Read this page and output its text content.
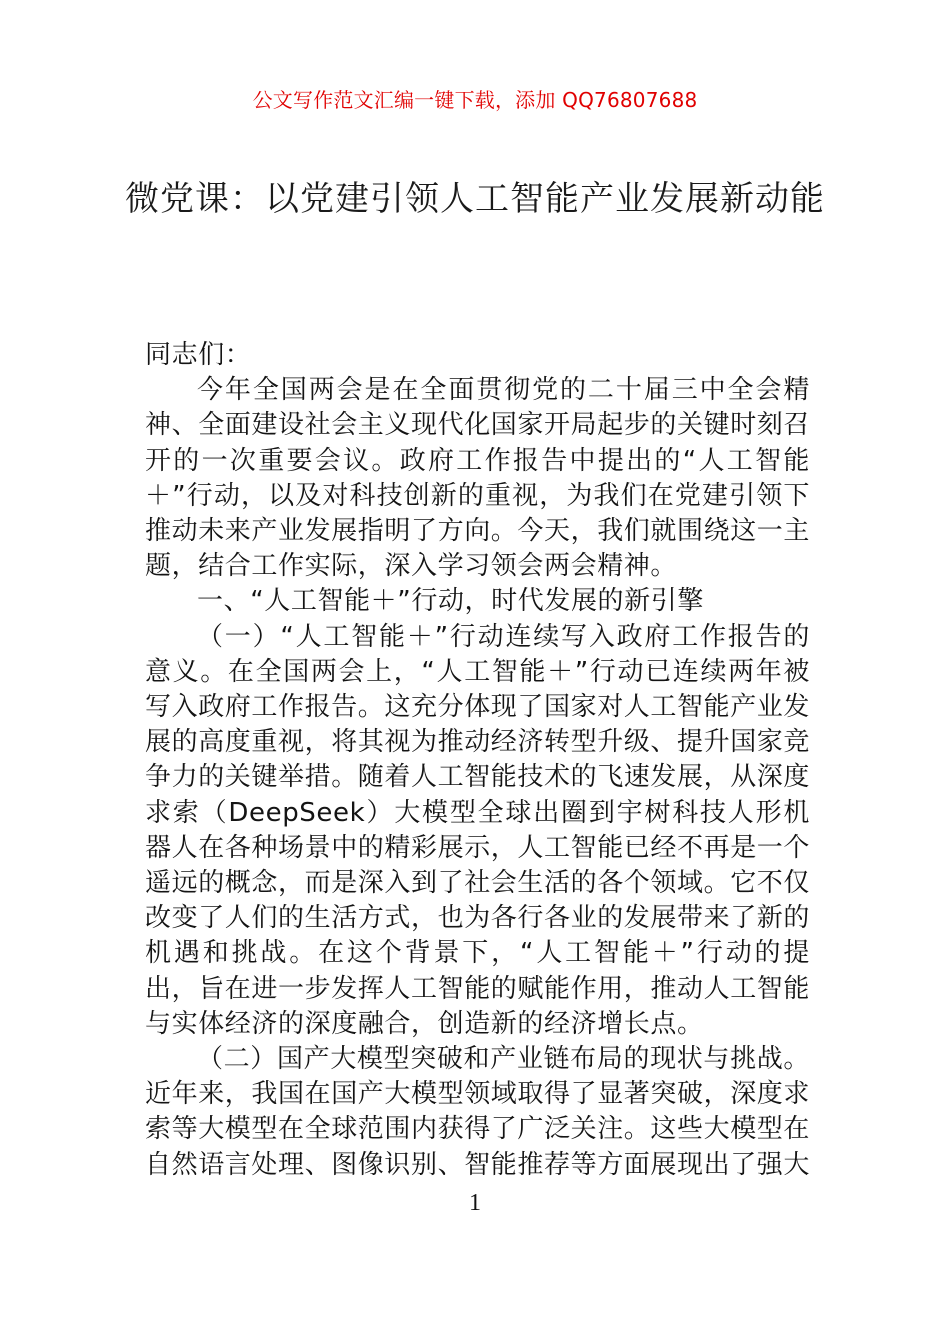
公文写作范文汇编一键下载，添加 QQ76807688
微党课：以党建引领人工智能产业发展新动能

同志们：

今年全国两会是在全面贯彻党的二十届三中全会精神、全面建设社会主义现代化国家开局起步的关键时刻召开的一次重要会议。政府工作报告中提出的“人工智能＋”行动，以及对科技创新的重视，为我们在党建引领下推动未来产业发展指明了方向。今天，我们就围绕这一主题，结合工作实际，深入学习领会两会精神。

一、“人工智能＋”行动，时代发展的新引擎

（一）“人工智能＋”行动连续写入政府工作报告的意义。在全国两会上，“人工智能＋”行动已连续两年被写入政府工作报告。这充分体现了国家对人工智能产业发展的高度重视，将其视为推动经济转型升级、提升国家竞争力的关键举措。随着人工智能技术的飞速发展，从深度求索（DeepSeek）大模型全球出圈到宇树科技人形机器人在各种场景中的精彩展示，人工智能已经不再是一个遥远的概念，而是深入到了社会生活的各个领域。它不仅改变了人们的生活方式，也为各行各业的发展带来了新的机遇和挑战。在这个背景下，“人工智能＋”行动的提出，旨在进一步发挥人工智能的赋能作用，推动人工智能与实体经济的深度融合，创造新的经济增长点。

（二）国产大模型突破和产业链布局的现状与挑战。近年来，我国在国产大模型领域取得了显著突破，深度求索等大模型在全球范围内获得了广泛关注。这些大模型在自然语言处理、图像识别、智能推荐等方面展现出了强大

1
